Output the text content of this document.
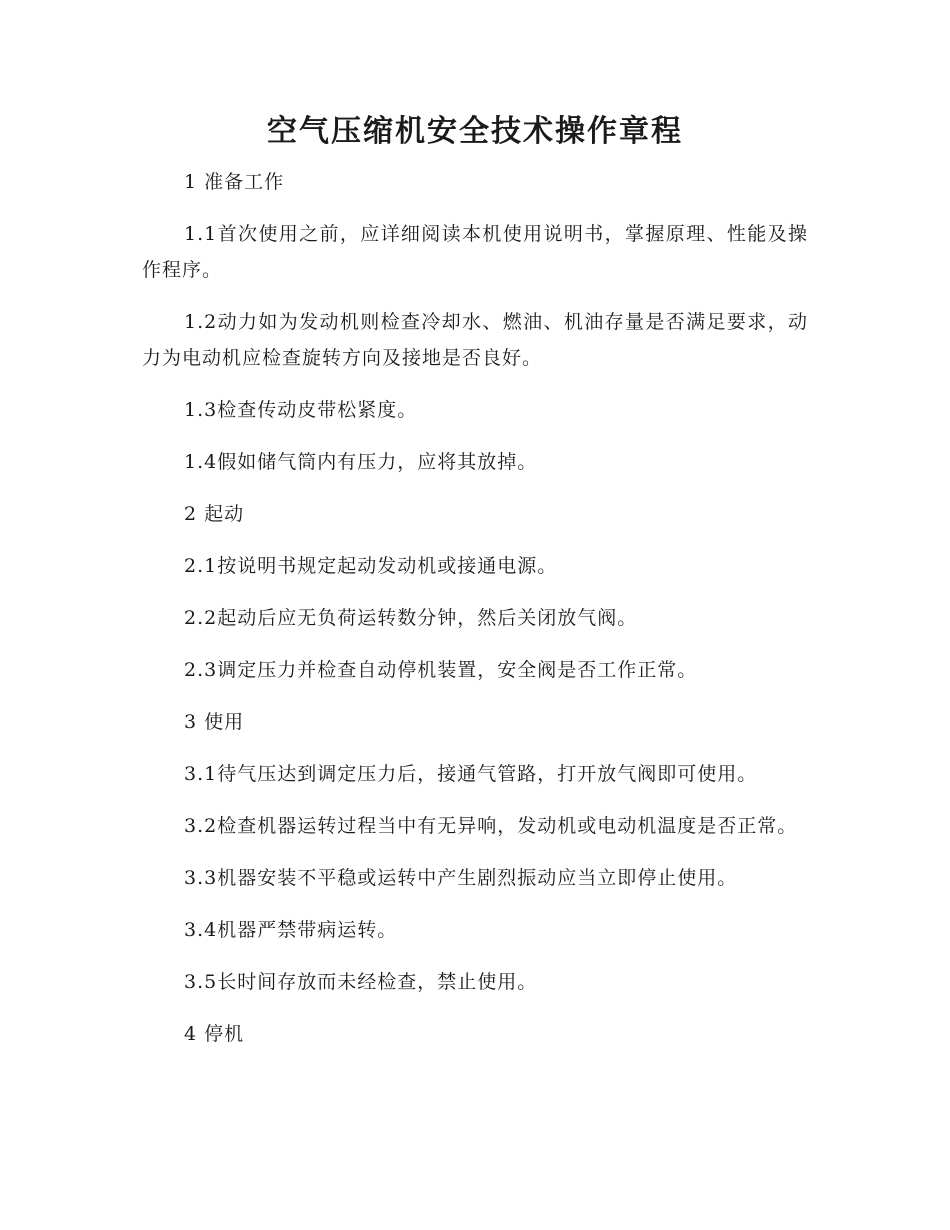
空气压缩机安全技术操作章程

1 准备工作

1.1首次使用之前，应详细阅读本机使用说明书，掌握原理、性能及操作程序。

1.2动力如为发动机则检查冷却水、燃油、机油存量是否满足要求，动力为电动机应检查旋转方向及接地是否良好。

1.3检查传动皮带松紧度。

1.4假如储气筒内有压力，应将其放掉。

2 起动

2.1按说明书规定起动发动机或接通电源。

2.2起动后应无负荷运转数分钟，然后关闭放气阀。

2.3调定压力并检查自动停机装置，安全阀是否工作正常。

3 使用

3.1待气压达到调定压力后，接通气管路，打开放气阀即可使用。

3.2检查机器运转过程当中有无异响，发动机或电动机温度是否正常。

3.3机器安装不平稳或运转中产生剧烈振动应当立即停止使用。

3.4机器严禁带病运转。

3.5长时间存放而未经检查，禁止使用。

4 停机
